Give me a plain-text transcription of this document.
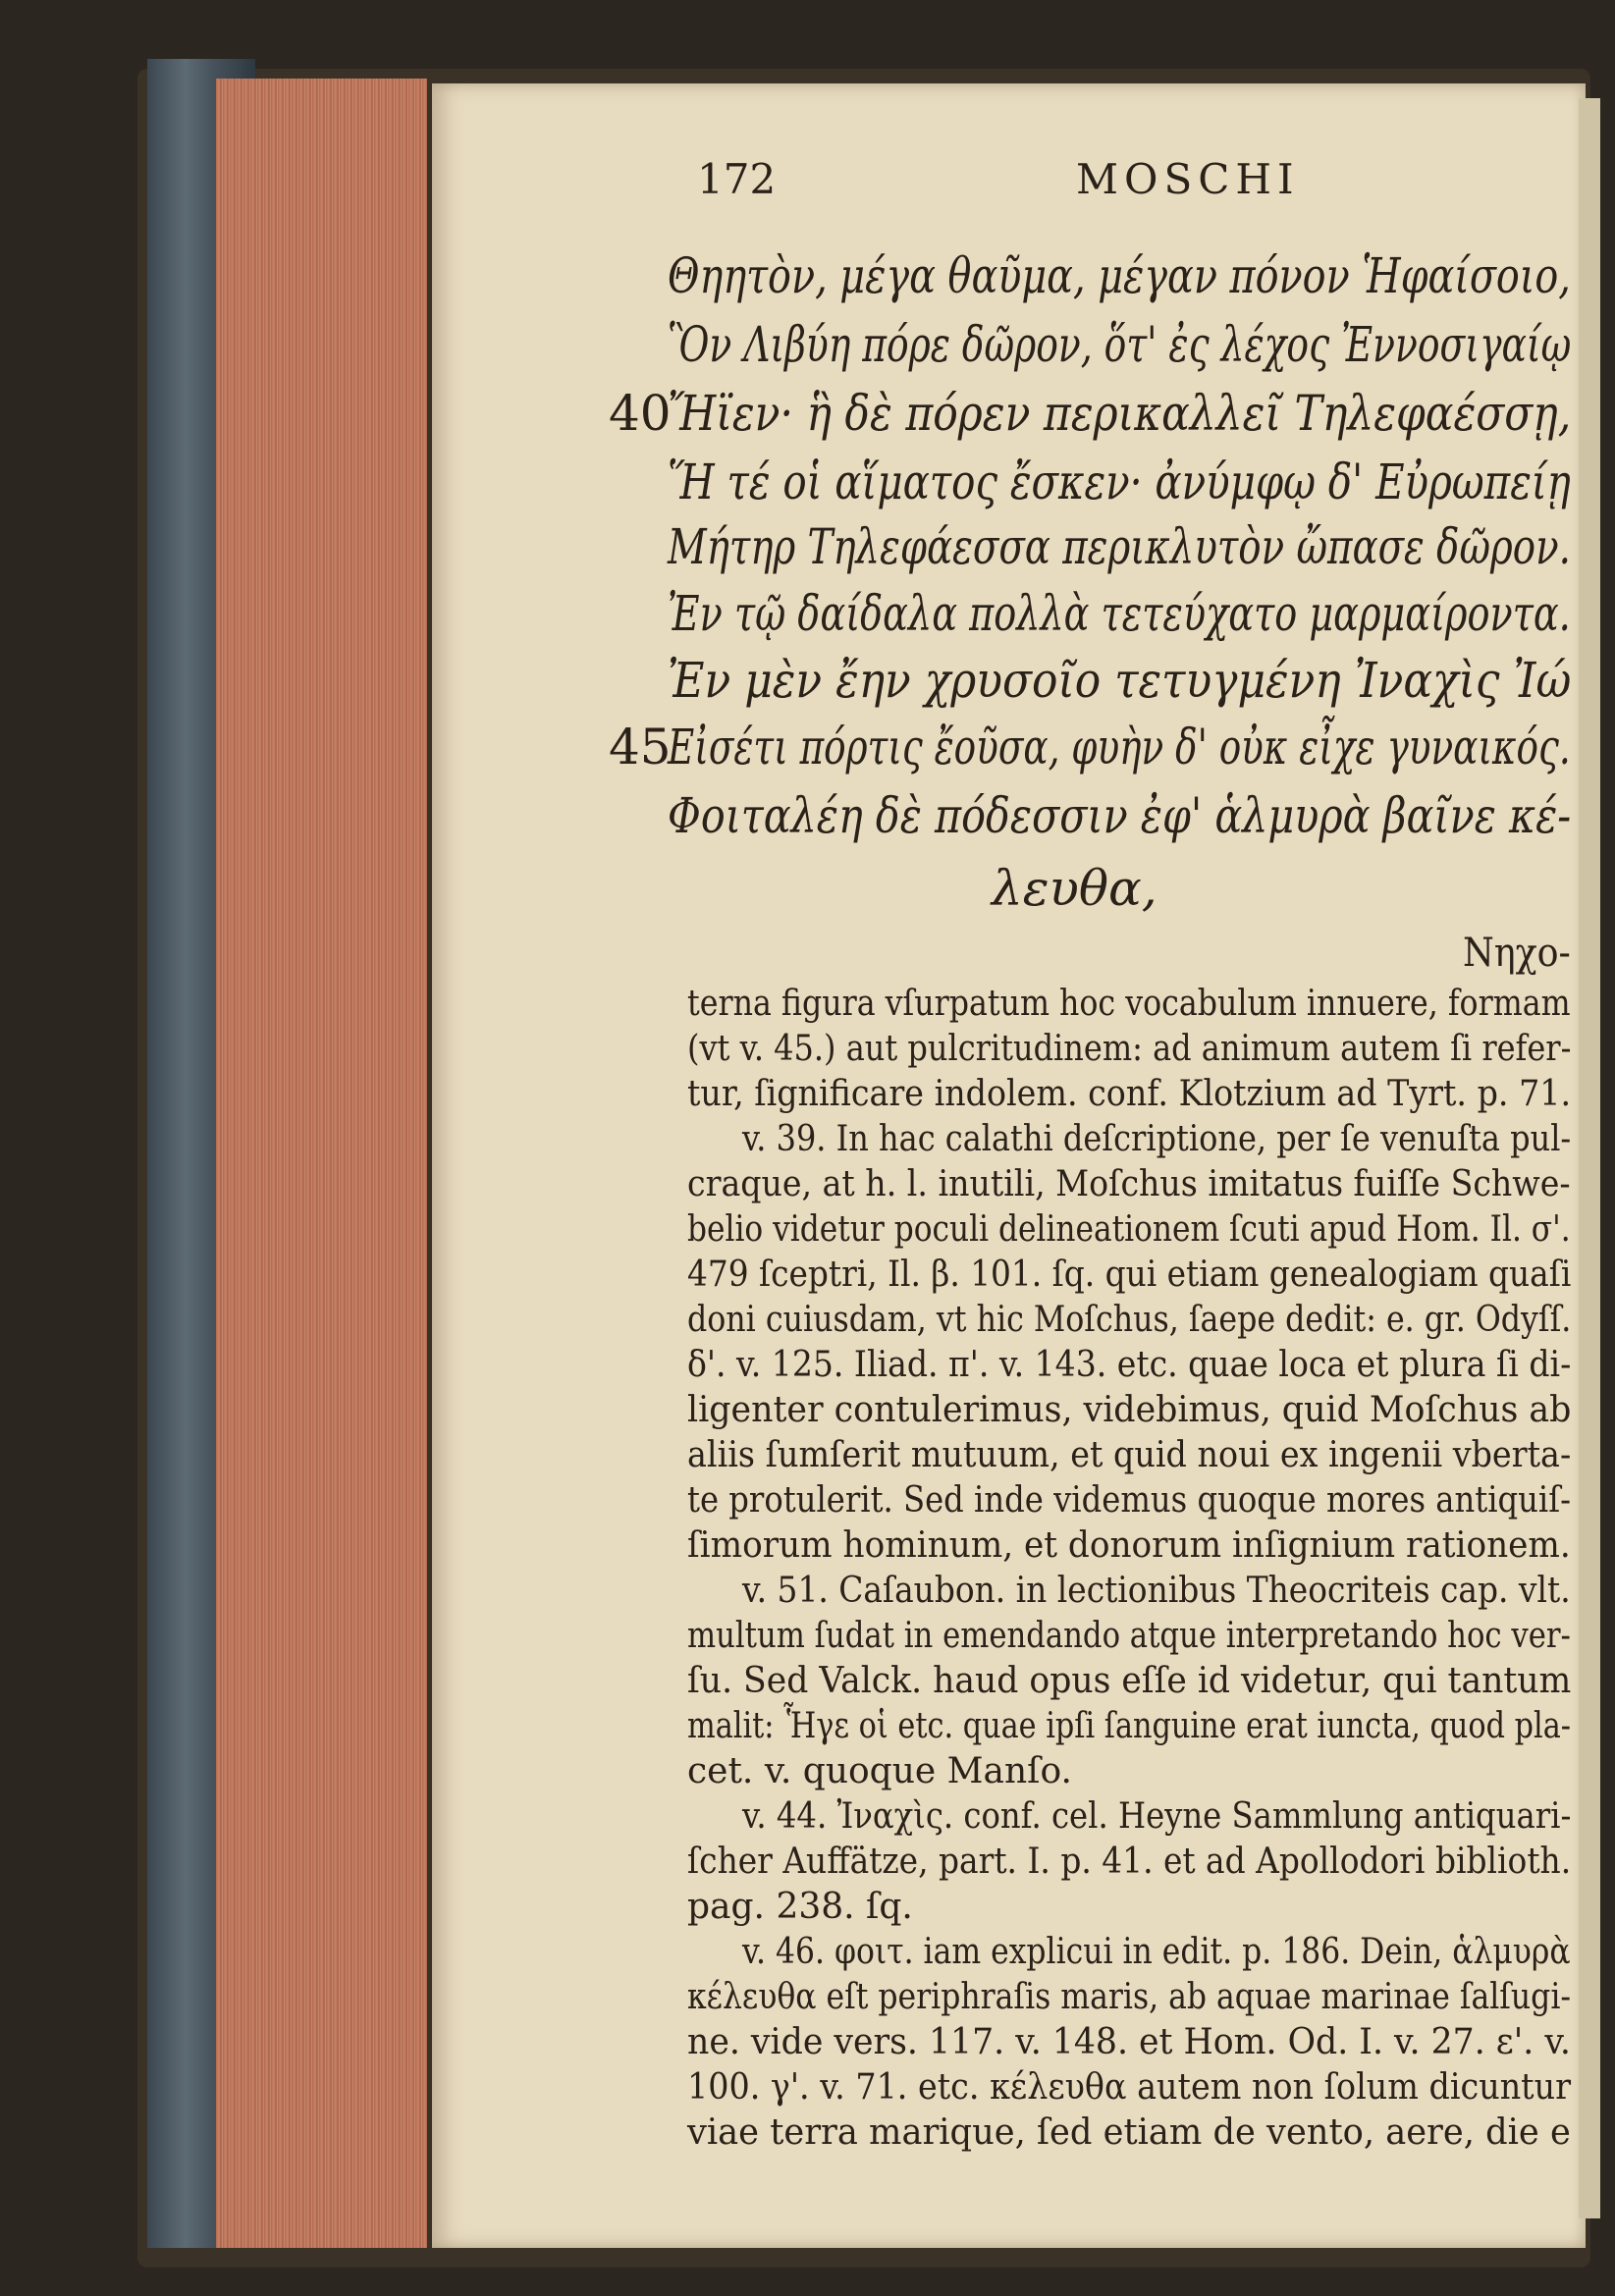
172	MOSCHI
Θηητὸν, μέγα θαῦμα, μέγαν πόνον Ἡφαίσοιο,
Ὃν Λιβύη πόρε δῶρον, ὅτ' ἐς λέχος Ἐννοσιγαίῳ
40
Ἤϊεν· ἣ δὲ πόρεν περικαλλεῖ Τηλεφαέσσῃ,
Ἥ τέ οἱ αἵματος ἔσκεν· ἀνύμφῳ δ' Εὐρωπείῃ
Μήτηρ Τηλεφάεσσα περικλυτὸν ὤπασε δῶρον.
Ἐν τῷ δαίδαλα πολλὰ τετεύχατο μαρμαίροντα.
Ἐν μὲν ἔην χρυσοῖο τετυγμένη Ἰναχὶς Ἰώ
45
Εἰσέτι πόρτις ἔοῦσα, φυὴν δ' οὐκ εἶχε γυναικός.
Φοιταλέη δὲ πόδεσσιν ἐφ' ἁλμυρὰ βαῖνε κέ-
λευθα,
Νηχο-
terna figura vſurpatum hoc vocabulum innuere, formam
(vt v. 45.) aut pulcritudinem: ad animum autem ſi refer-
tur, ſignificare indolem. conf. Klotzium ad Tyrt. p. 71.
v. 39. In hac calathi deſcriptione, per ſe venuſta pul-
craque, at h. l. inutili, Moſchus imitatus fuiſſe Schwe-
belio videtur poculi delineationem ſcuti apud Hom. Il. σ'.
479 ſceptri, Il. β. 101. ſq. qui etiam genealogiam quaſi
doni cuiusdam, vt hic Moſchus, ſaepe dedit: e. gr. Odyſſ.
δ'. v. 125. Iliad. π'. v. 143. etc. quae loca et plura ſi di-
ligenter contulerimus, videbimus, quid Moſchus ab
aliis ſumſerit mutuum, et quid noui ex ingenii vberta-
te protulerit. Sed inde videmus quoque mores antiquiſ-
ſimorum hominum, et donorum inſignium rationem.
v. 51. Caſaubon. in lectionibus Theocriteis cap. vlt.
multum ſudat in emendando atque interpretando hoc ver-
ſu. Sed Valck. haud opus eſſe id videtur, qui tantum
malit: Ἧγε οἱ etc. quae ipſi ſanguine erat iuncta, quod pla-
cet. v. quoque Manſo.
v. 44. Ἰναχὶς. conf. cel. Heyne Sammlung antiquari-
ſcher Auffätze, part. I. p. 41. et ad Apollodori biblioth.
pag. 238. ſq.
v. 46. φοιτ. iam explicui in edit. p. 186. Dein, ἁλμυρὰ
κέλευθα eſt periphraſis maris, ab aquae marinae ſalſugi-
ne. vide vers. 117. v. 148. et Hom. Od. I. v. 27. ε'. v.
100. γ'. v. 71. etc. κέλευθα autem non ſolum dicuntur
viae terra marique, ſed etiam de vento, aere, die e
